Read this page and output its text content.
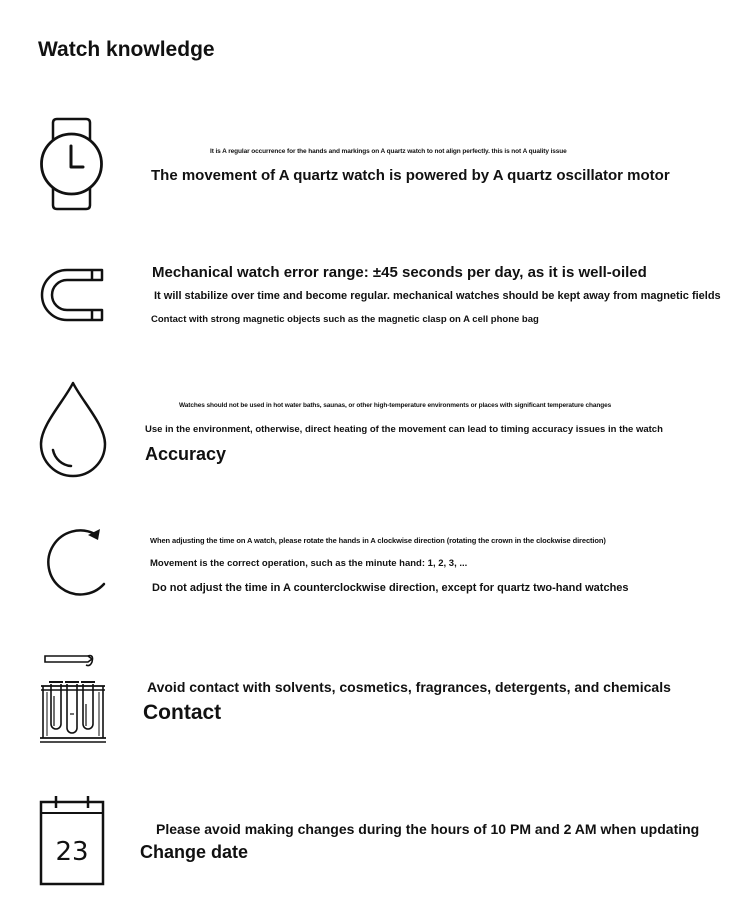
Watch knowledge
It is A regular occurrence for the hands and markings on A quartz watch to not align perfectly. this is not A quality issue
The movement of A quartz watch is powered by A quartz oscillator motor
Mechanical watch error range: ±45 seconds per day, as it is well-oiled
It will stabilize over time and become regular. mechanical watches should be kept away from magnetic fields
Contact with strong magnetic objects such as the magnetic clasp on A cell phone bag
Watches should not be used in hot water baths, saunas, or other high-temperature environments or places with significant temperature changes
Use in the environment, otherwise, direct heating of the movement can lead to timing accuracy issues in the watch
Accuracy
When adjusting the time on A watch, please rotate the hands in A clockwise direction (rotating the crown in the clockwise direction)
Movement is the correct operation, such as the minute hand: 1, 2, 3, ...
Do not adjust the time in A counterclockwise direction, except for quartz two-hand watches
Avoid contact with solvents, cosmetics, fragrances, detergents, and chemicals
Contact
23
Please avoid making changes during the hours of 10 PM and 2 AM when updating
Change date
